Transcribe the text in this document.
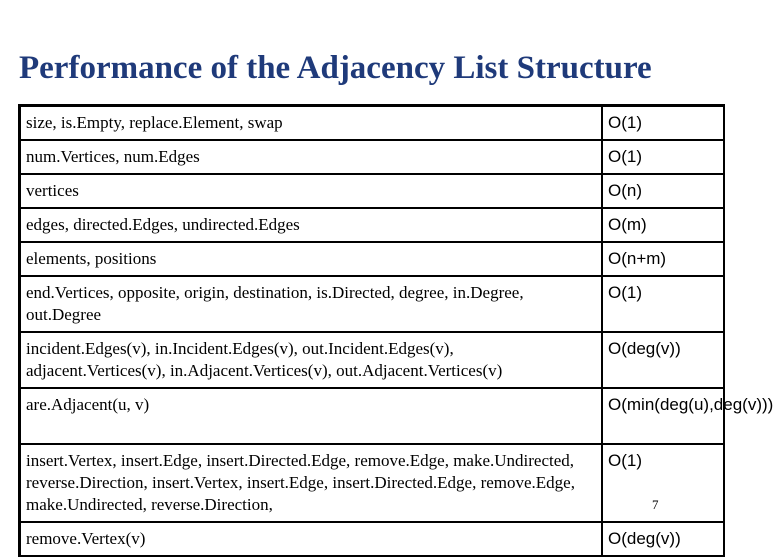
Performance of the Adjacency List Structure
size, is.Empty, replace.Element, swap	O(1)
num.Vertices, num.Edges	O(1)
vertices	O(n)
edges, directed.Edges, undirected.Edges	O(m)
elements, positions	O(n+m)
end.Vertices, opposite, origin, destination, is.Directed, degree, in.Degree, out.Degree	O(1)
incident.Edges(v), in.Incident.Edges(v), out.Incident.Edges(v), adjacent.Vertices(v), in.Adjacent.Vertices(v), out.Adjacent.Vertices(v)	O(deg(v))
are.Adjacent(u, v)	O(min(deg(u),deg(v)))
insert.Vertex, insert.Edge, insert.Directed.Edge, remove.Edge, make.Undirected, reverse.Direction, insert.Vertex, insert.Edge, insert.Directed.Edge, remove.Edge, make.Undirected, reverse.Direction,	O(1)
remove.Vertex(v)	O(deg(v))
7
